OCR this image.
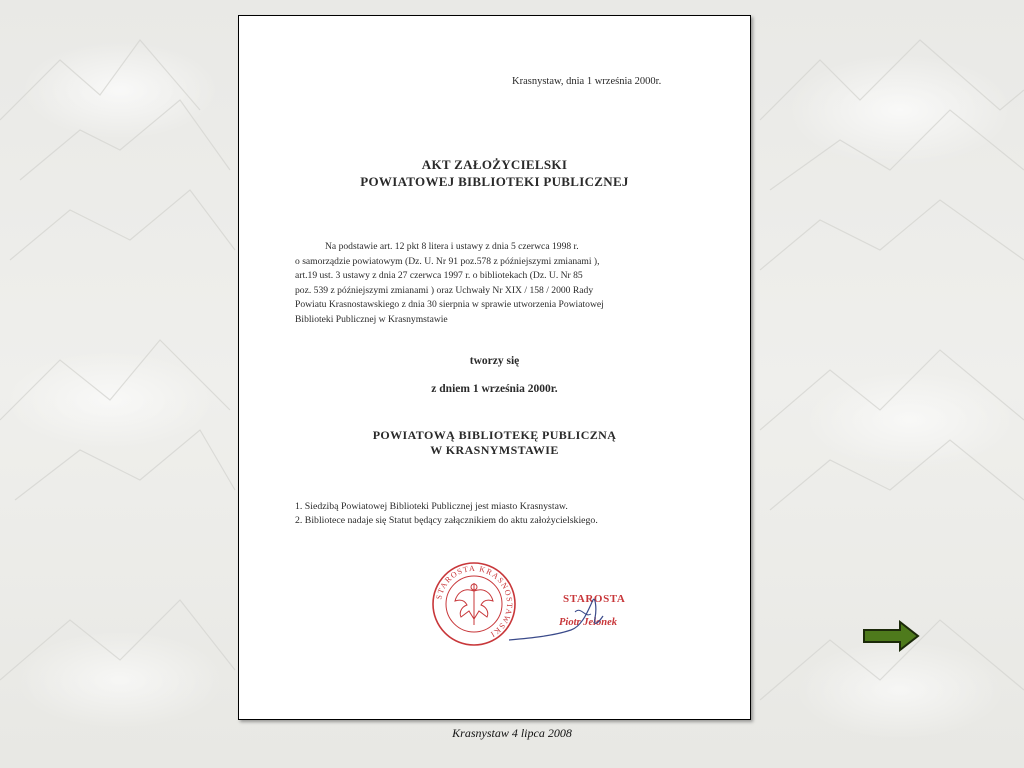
Krasnystaw, dnia 1 września 2000r.
AKT ZAŁOŻYCIELSKI
POWIATOWEJ BIBLIOTEKI PUBLICZNEJ
Na podstawie art. 12 pkt 8 litera i ustawy z dnia 5 czerwca 1998 r.
o samorządzie powiatowym (Dz. U. Nr 91 poz.578 z późniejszymi zmianami ),
art.19 ust. 3 ustawy z dnia 27 czerwca 1997 r. o bibliotekach (Dz. U. Nr 85
poz. 539 z późniejszymi zmianami ) oraz Uchwały Nr XIX / 158 / 2000 Rady
Powiatu Krasnostawskiego z dnia 30 sierpnia w sprawie utworzenia Powiatowej
Biblioteki Publicznej w Krasnymstawie
tworzy się
z dniem 1 września 2000r.
POWIATOWĄ BIBLIOTEKĘ PUBLICZNĄ
W KRASNYMSTAWIE
1. Siedzibą Powiatowej Biblioteki Publicznej jest miasto Krasnystaw.
2. Bibliotece nadaje się Statut będący załącznikiem do aktu założycielskiego.
STAROSTA KRASNOSTAWSKI
STAROSTA
Piotr Jełonek
Krasnystaw 4 lipca 2008
